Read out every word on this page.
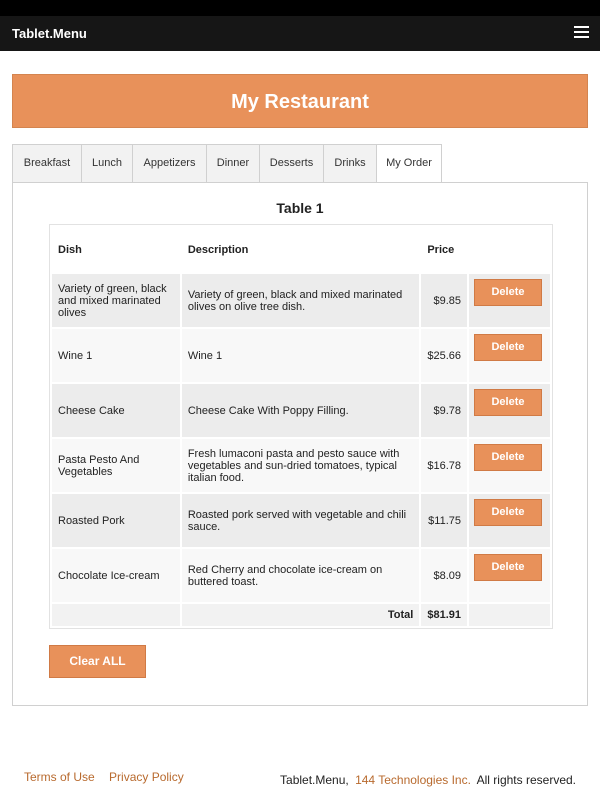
Tablet.Menu
My Restaurant
Breakfast	Lunch	Appetizers	Dinner	Desserts	Drinks	My Order
Table 1
Dish	Description	Price	
Variety of green, black and mixed marinated olives	Variety of green, black and mixed marinated olives on olive tree dish.	$9.85	Delete

Wine 1	Wine 1	$25.66	Delete

Cheese Cake	Cheese Cake With Poppy Filling.	$9.78	Delete

Pasta Pesto And Vegetables	Fresh lumaconi pasta and pesto sauce with vegetables and sun-dried tomatoes, typical italian food.	$16.78	Delete

Roasted Pork	Roasted pork served with vegetable and chili sauce.	$11.75	Delete

Chocolate Ice-cream	Red Cherry and chocolate ice-cream on buttered toast.	$8.09	Delete

	Total	$81.91	
Clear ALL
Terms of Use Privacy Policy	Tablet.Menu, 144 Technologies Inc. All rights reserved.
